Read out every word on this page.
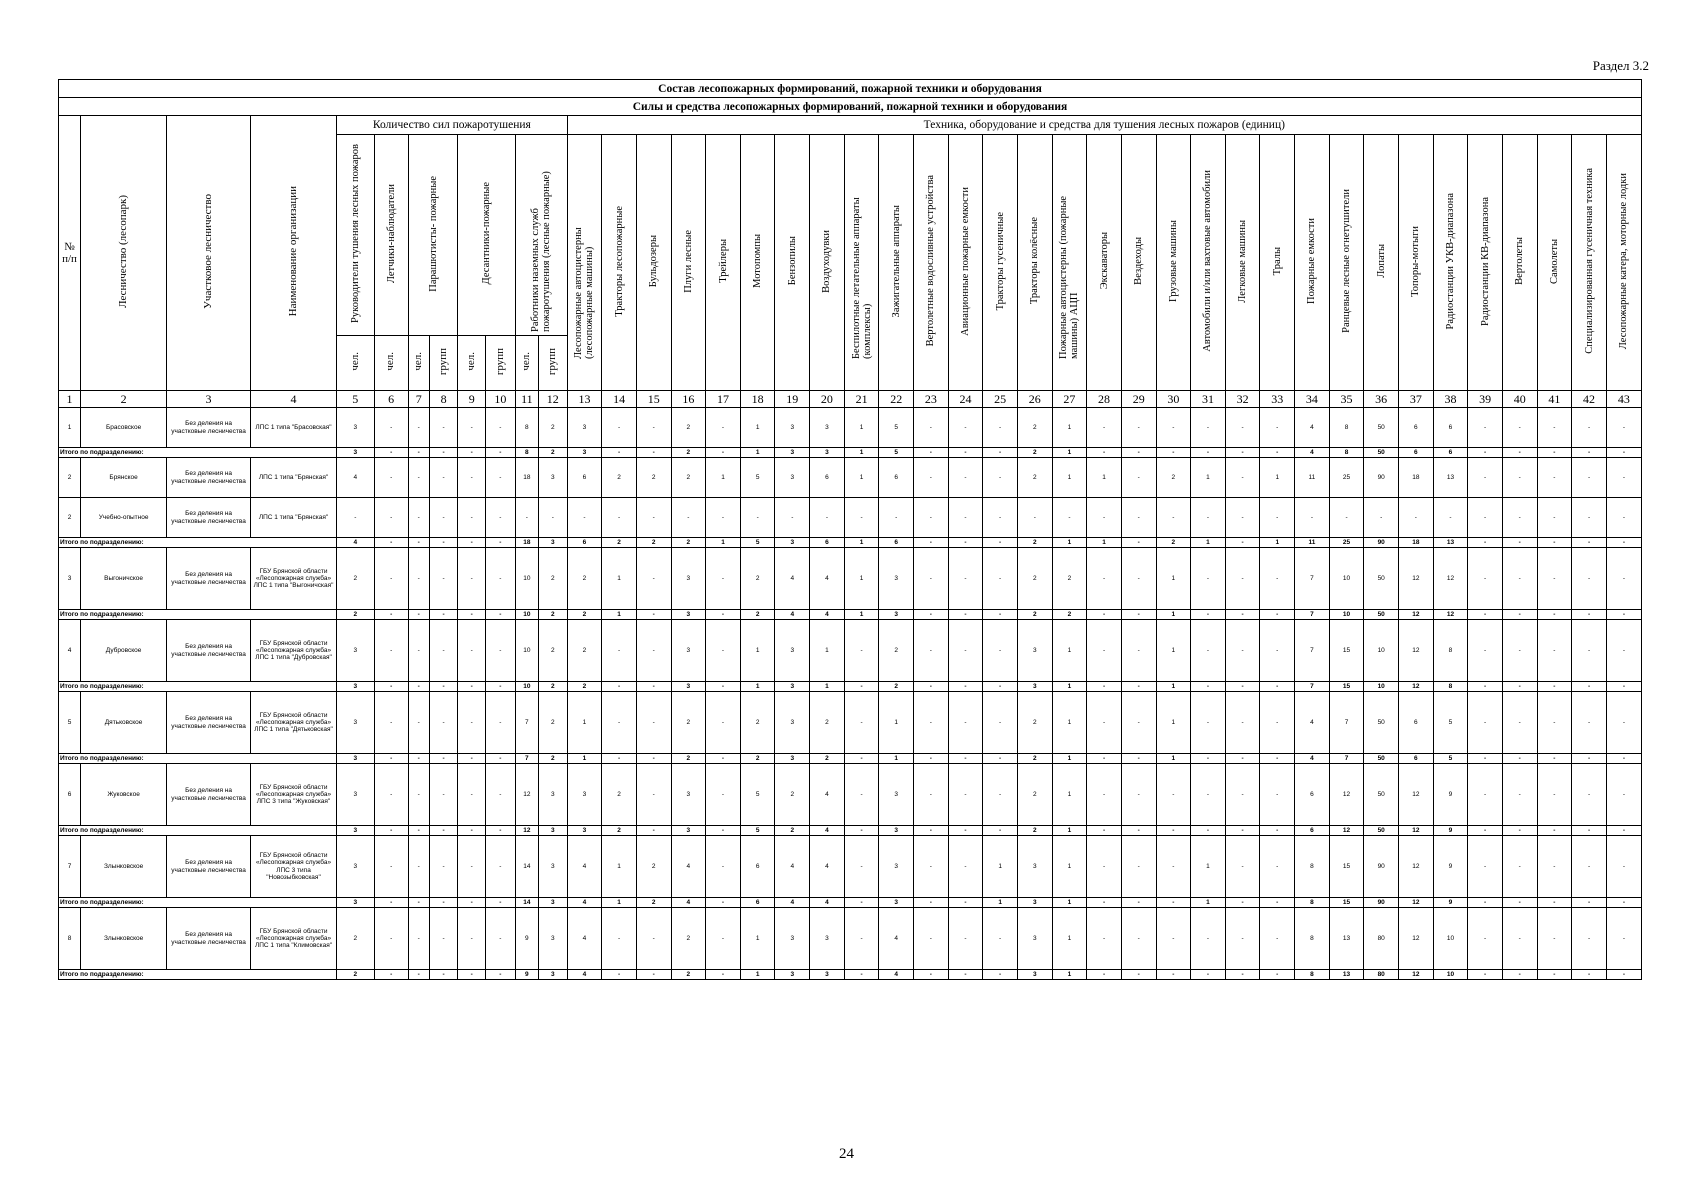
Раздел 3.2
Состав лесопожарных формирований, пожарной техники и оборудования																																										
Силы и средства лесопожарных формирований, пожарной техники и оборудования																																										
№ п/п	Лесничество (лесопарк)	Участковое лесничество	Наименование организации	Количество сил пожаротушения								Техника, оборудование и средства для тушения лесных пожаров (единиц)																														
				Руководители тушения лесных пожаров	Летчики-наблюдатели	Парашютисты- пожарные		Десантники-пожарные		Работники наземных служб пожаротушения (лесные пожарные)		Лесопожарные автоцистерны (лесопожарные машины)	Тракторы лесопожарные	Бульдозеры	Плуги лесные	Трейлеры	Мотопомпы	Бензопилы	Воздуходувки	Беспилотные летательные аппараты (комплексы)	Зажигательные аппараты	Вертолетные водосливные устройства	Авиационные пожарные емкости	Тракторы гусеничные	Тракторы колёсные	Пожарные автоцистерны (пожарные машины) АЦП	Экскаваторы	Вездеходы	Грузовые машины	Автомобили и/или вахтовые автомобили	Легковые машины	Тралы	Пожарные емкости	Ранцевые лесные огнетушители	Лопаты	Топоры-мотыги	Радиостанции УКВ-диапазона	Радиостанции КВ-диапазона	Вертолеты	Самолеты	Специализированная гусеничная техника	Лесопожарные катера, моторные лодки
				чел.	чел.	чел.	групп	чел.	групп	чел.	групп																															
1	2	3	4	5	6	7	8	9	10	11	12	13	14	15	16	17	18	19	20	21	22	23	24	25	26	27	28	29	30	31	32	33	34	35	36	37	38	39	40	41	42	43
1	Брасовское	Без деления на участковые лесничества	ЛПС 1 типа "Брасовская"	3	-	-	-	-	-	8	2	3	-	-	2	-	1	3	3	1	5	-	-	-	2	1	-	-	-	-	-	-	4	8	50	6	6	-	-	-	-	-
Итого по подразделению:				3	-	-	-	-	-	8	2	3	-	-	2	-	1	3	3	1	5	-	-	-	2	1	-	-	-	-	-	-	4	8	50	6	6	-	-	-	-	-
2	Брянское	Без деления на участковые лесничества	ЛПС 1 типа "Брянская"	4	-	-	-	-	-	18	3	6	2	2	2	1	5	3	6	1	6	-	-	-	2	1	1	-	2	1	-	1	11	25	90	18	13	-	-	-	-	-
2	Учебно-опытное	Без деления на участковые лесничества	ЛПС 1 типа "Брянская"	-	-	-	-	-	-	-	-	-	-	-	-	-	-	-	-	-	-	-	-	-	-	-	-	-	-	-	-	-	-	-	-	-	-	-	-	-	-	-
Итого по подразделению:				4	-	-	-	-	-	18	3	6	2	2	2	1	5	3	6	1	6	-	-	-	2	1	1	-	2	1	-	1	11	25	90	18	13	-	-	-	-	-
3	Выгоничское	Без деления на участковые лесничества	ГБУ Брянской области «Лесопожарная служба» ЛПС 1 типа "Выгоничская"	2	-	-	-	-	-	10	2	2	1	-	3	-	2	4	4	1	3	-	-	-	2	2	-	-	1	-	-	-	7	10	50	12	12	-	-	-	-	-
Итого по подразделению:				2	-	-	-	-	-	10	2	2	1	-	3	-	2	4	4	1	3	-	-	-	2	2	-	-	1	-	-	-	7	10	50	12	12	-	-	-	-	-
4	Дубровское	Без деления на участковые лесничества	ГБУ Брянской области «Лесопожарная служба» ЛПС 1 типа "Дубровская"	3	-	-	-	-	-	10	2	2	-	-	3	-	1	3	1	-	2	-	-	-	3	1	-	-	1	-	-	-	7	15	10	12	8	-	-	-	-	-
Итого по подразделению:				3	-	-	-	-	-	10	2	2	-	-	3	-	1	3	1	-	2	-	-	-	3	1	-	-	1	-	-	-	7	15	10	12	8	-	-	-	-	-
5	Дятьковское	Без деления на участковые лесничества	ГБУ Брянской области «Лесопожарная служба» ЛПС 1 типа "Дятьковская"	3	-	-	-	-	-	7	2	1	-	-	2	-	2	3	2	-	1	-	-	-	2	1	-	-	1	-	-	-	4	7	50	6	5	-	-	-	-	-
Итого по подразделению:				3	-	-	-	-	-	7	2	1	-	-	2	-	2	3	2	-	1	-	-	-	2	1	-	-	1	-	-	-	4	7	50	6	5	-	-	-	-	-
6	Жуковское	Без деления на участковые лесничества	ГБУ Брянской области «Лесопожарная служба» ЛПС 3 типа "Жуковская"	3	-	-	-	-	-	12	3	3	2	-	3	-	5	2	4	-	3	-	-	-	2	1	-	-	-	-	-	-	6	12	50	12	9	-	-	-	-	-
Итого по подразделению:				3	-	-	-	-	-	12	3	3	2	-	3	-	5	2	4	-	3	-	-	-	2	1	-	-	-	-	-	-	6	12	50	12	9	-	-	-	-	-
7	Злынковское	Без деления на участковые лесничества	ГБУ Брянской области «Лесопожарная служба» ЛПС 3 типа "Новозыбковская"	3	-	-	-	-	-	14	3	4	1	2	4	-	6	4	4	-	3	-	-	1	3	1	-	-	-	1	-	-	8	15	90	12	9	-	-	-	-	-
Итого по подразделению:				3	-	-	-	-	-	14	3	4	1	2	4	-	6	4	4	-	3	-	-	1	3	1	-	-	-	1	-	-	8	15	90	12	9	-	-	-	-	-
8	Злынковское	Без деления на участковые лесничества	ГБУ Брянской области «Лесопожарная служба» ЛПС 1 типа "Климовская"	2	-	-	-	-	-	9	3	4	-	-	2	-	1	3	3	-	4	-	-	-	3	1	-	-	-	-	-	-	8	13	80	12	10	-	-	-	-	-
Итого по подразделению:				2	-	-	-	-	-	9	3	4	-	-	2	-	1	3	3	-	4	-	-	-	3	1	-	-	-	-	-	-	8	13	80	12	10	-	-	-	-	-
24
